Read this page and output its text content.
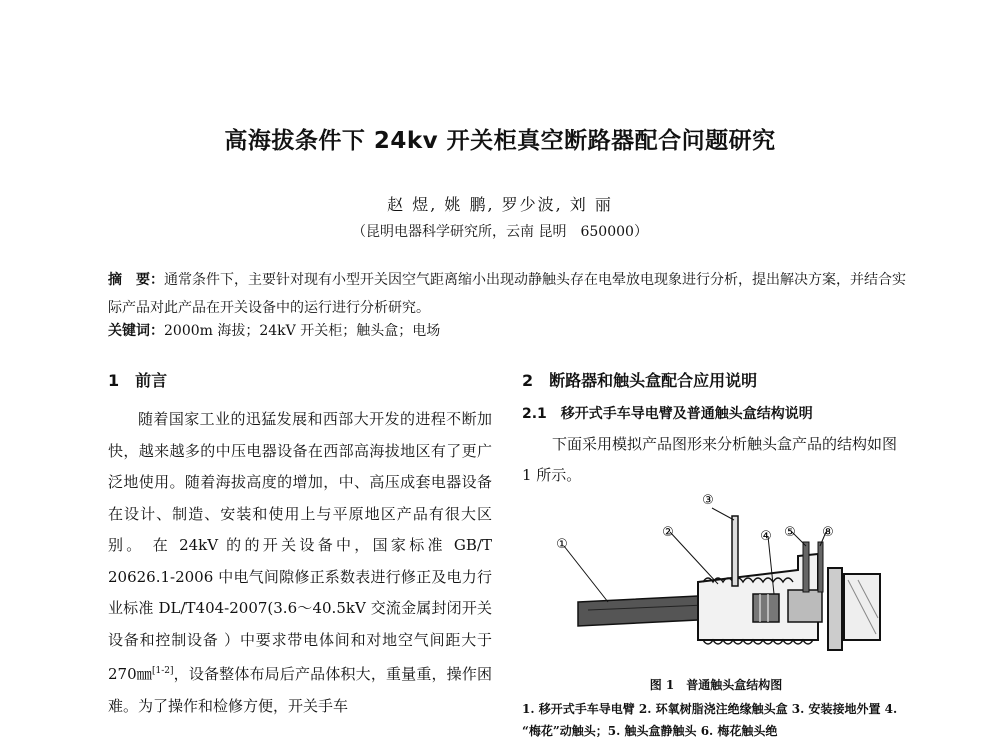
高海拔条件下 24kv 开关柜真空断路器配合问题研究
赵 煜, 姚 鹏, 罗少波, 刘 丽
（昆明电器科学研究所，云南 昆明　650000）
摘　要：通常条件下，主要针对现有小型开关因空气距离缩小出现动静触头存在电晕放电现象进行分析，提出解决方案，并结合实际产品对此产品在开关设备中的运行进行分析研究。
关键词：2000m 海拔；24kV 开关柜；触头盒；电场
1　前言

随着国家工业的迅猛发展和西部大开发的进程不断加快，越来越多的中压电器设备在西部高海拔地区有了更广泛地使用。随着海拔高度的增加，中、高压成套电器设备在设计、制造、安装和使用上与平原地区产品有很大区别。 在 24kV 的的开关设备中，国家标准 GB/T 20626.1-2006 中电气间隙修正系数表进行修正及电力行业标准 DL/T404-2007(3.6～40.5kV 交流金属封闭开关设备和控制设备 ）中要求带电体间和对地空气间距大于 270㎜[1-2]，设备整体布局后产品体积大，重量重，操作困难。为了操作和检修方便，开关手车

2　断路器和触头盒配合应用说明
2.1　移开式手车导电臂及普通触头盒结构说明

下面采用模拟产品图形来分析触头盒产品的结构如图 1 所示。

①
②
③
④ ⑤ ⑧
图 1　普通触头盒结构图
1. 移开式手车导电臂 2. 环氧树脂浇注绝缘触头盒 3. 安装接地外置 4. “梅花”动触头；5. 触头盒静触头 6. 梅花触头绝
